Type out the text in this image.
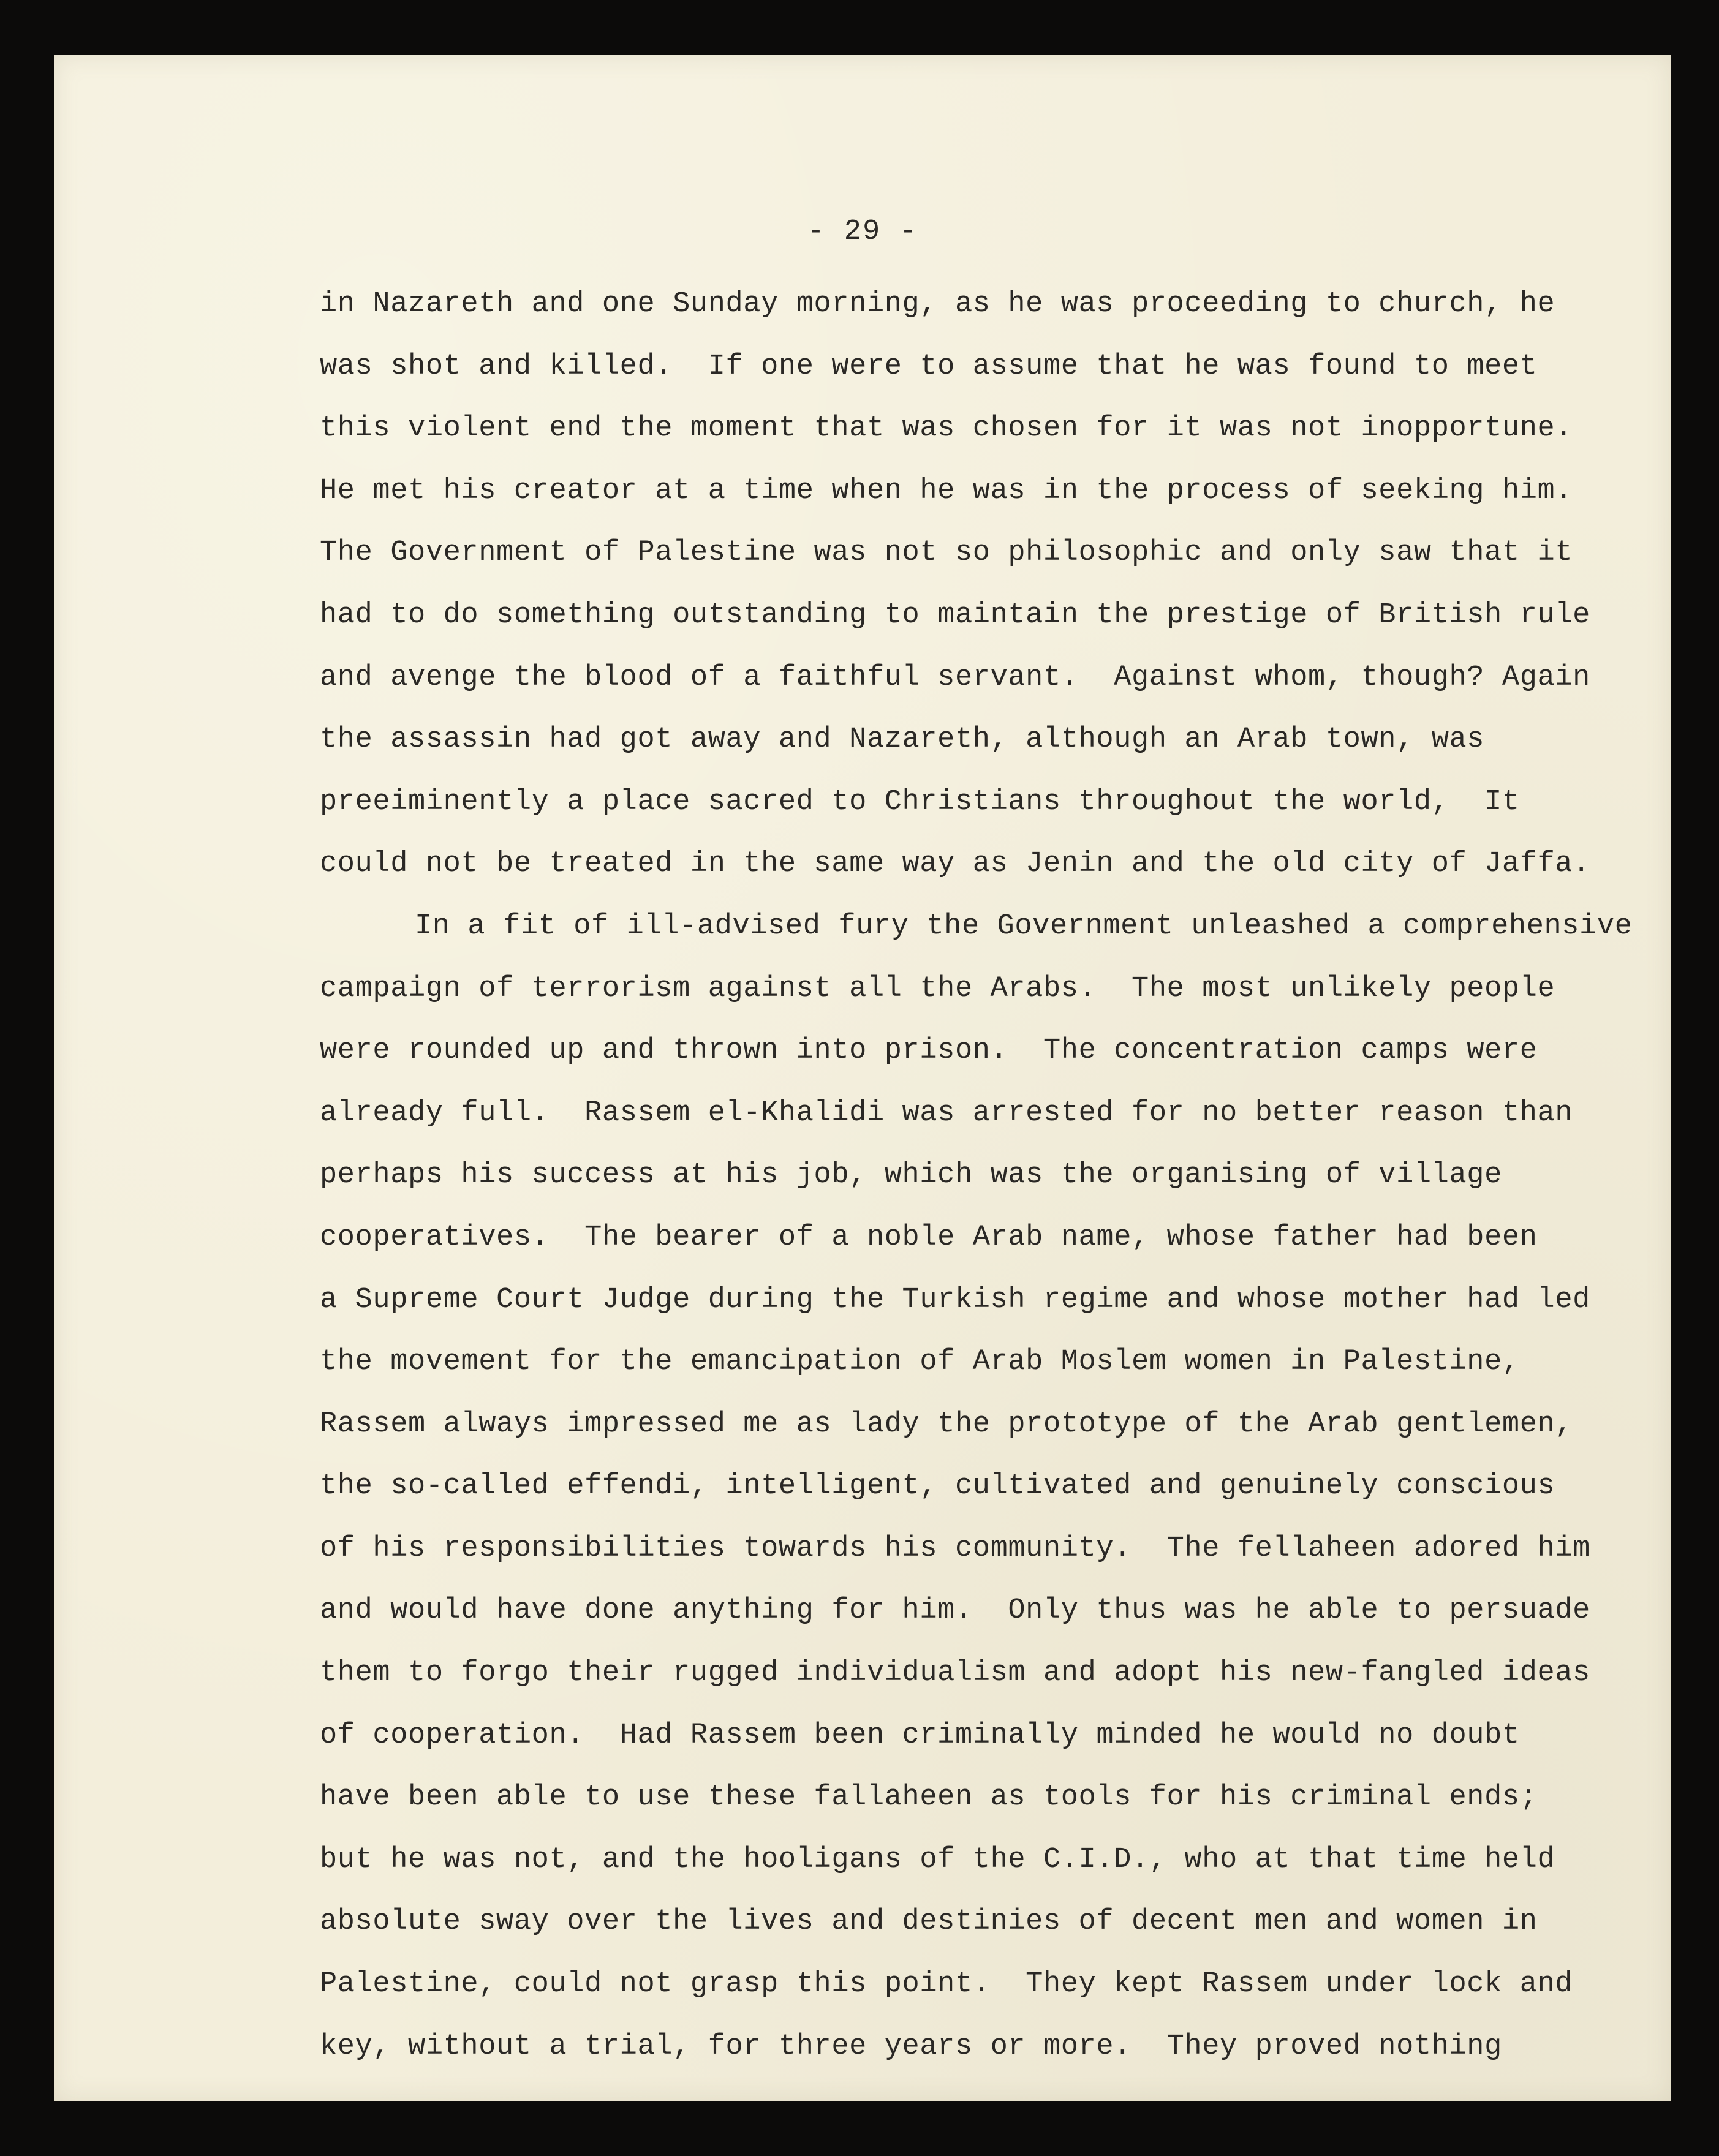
- 29 -
in Nazareth and one Sunday morning, as he was proceeding to church, he
was shot and killed.  If one were to assume that he was found to meet
this violent end the moment that was chosen for it was not inopportune.
He met his creator at a time when he was in the process of seeking him.
The Government of Palestine was not so philosophic and only saw that it
had to do something outstanding to maintain the prestige of British rule
and avenge the blood of a faithful servant.  Against whom, though? Again
the assassin had got away and Nazareth, although an Arab town, was
preeiminently a place sacred to Christians throughout the world,  It
could not be treated in the same way as Jenin and the old city of Jaffa.
In a fit of ill-advised fury the Government unleashed a comprehensive
campaign of terrorism against all the Arabs.  The most unlikely people
were rounded up and thrown into prison.  The concentration camps were
already full.  Rassem el-Khalidi was arrested for no better reason than
perhaps his success at his job, which was the organising of village
cooperatives.  The bearer of a noble Arab name, whose father had been
a Supreme Court Judge during the Turkish regime and whose mother had led
the movement for the emancipation of Arab Moslem women in Palestine,
Rassem always impressed me as lady the prototype of the Arab gentlemen,
the so-called effendi, intelligent, cultivated and genuinely conscious
of his responsibilities towards his community.  The fellaheen adored him
and would have done anything for him.  Only thus was he able to persuade
them to forgo their rugged individualism and adopt his new-fangled ideas
of cooperation.  Had Rassem been criminally minded he would no doubt
have been able to use these fallaheen as tools for his criminal ends;
but he was not, and the hooligans of the C.I.D., who at that time held
absolute sway over the lives and destinies of decent men and women in
Palestine, could not grasp this point.  They kept Rassem under lock and
key, without a trial, for three years or more.  They proved nothing
